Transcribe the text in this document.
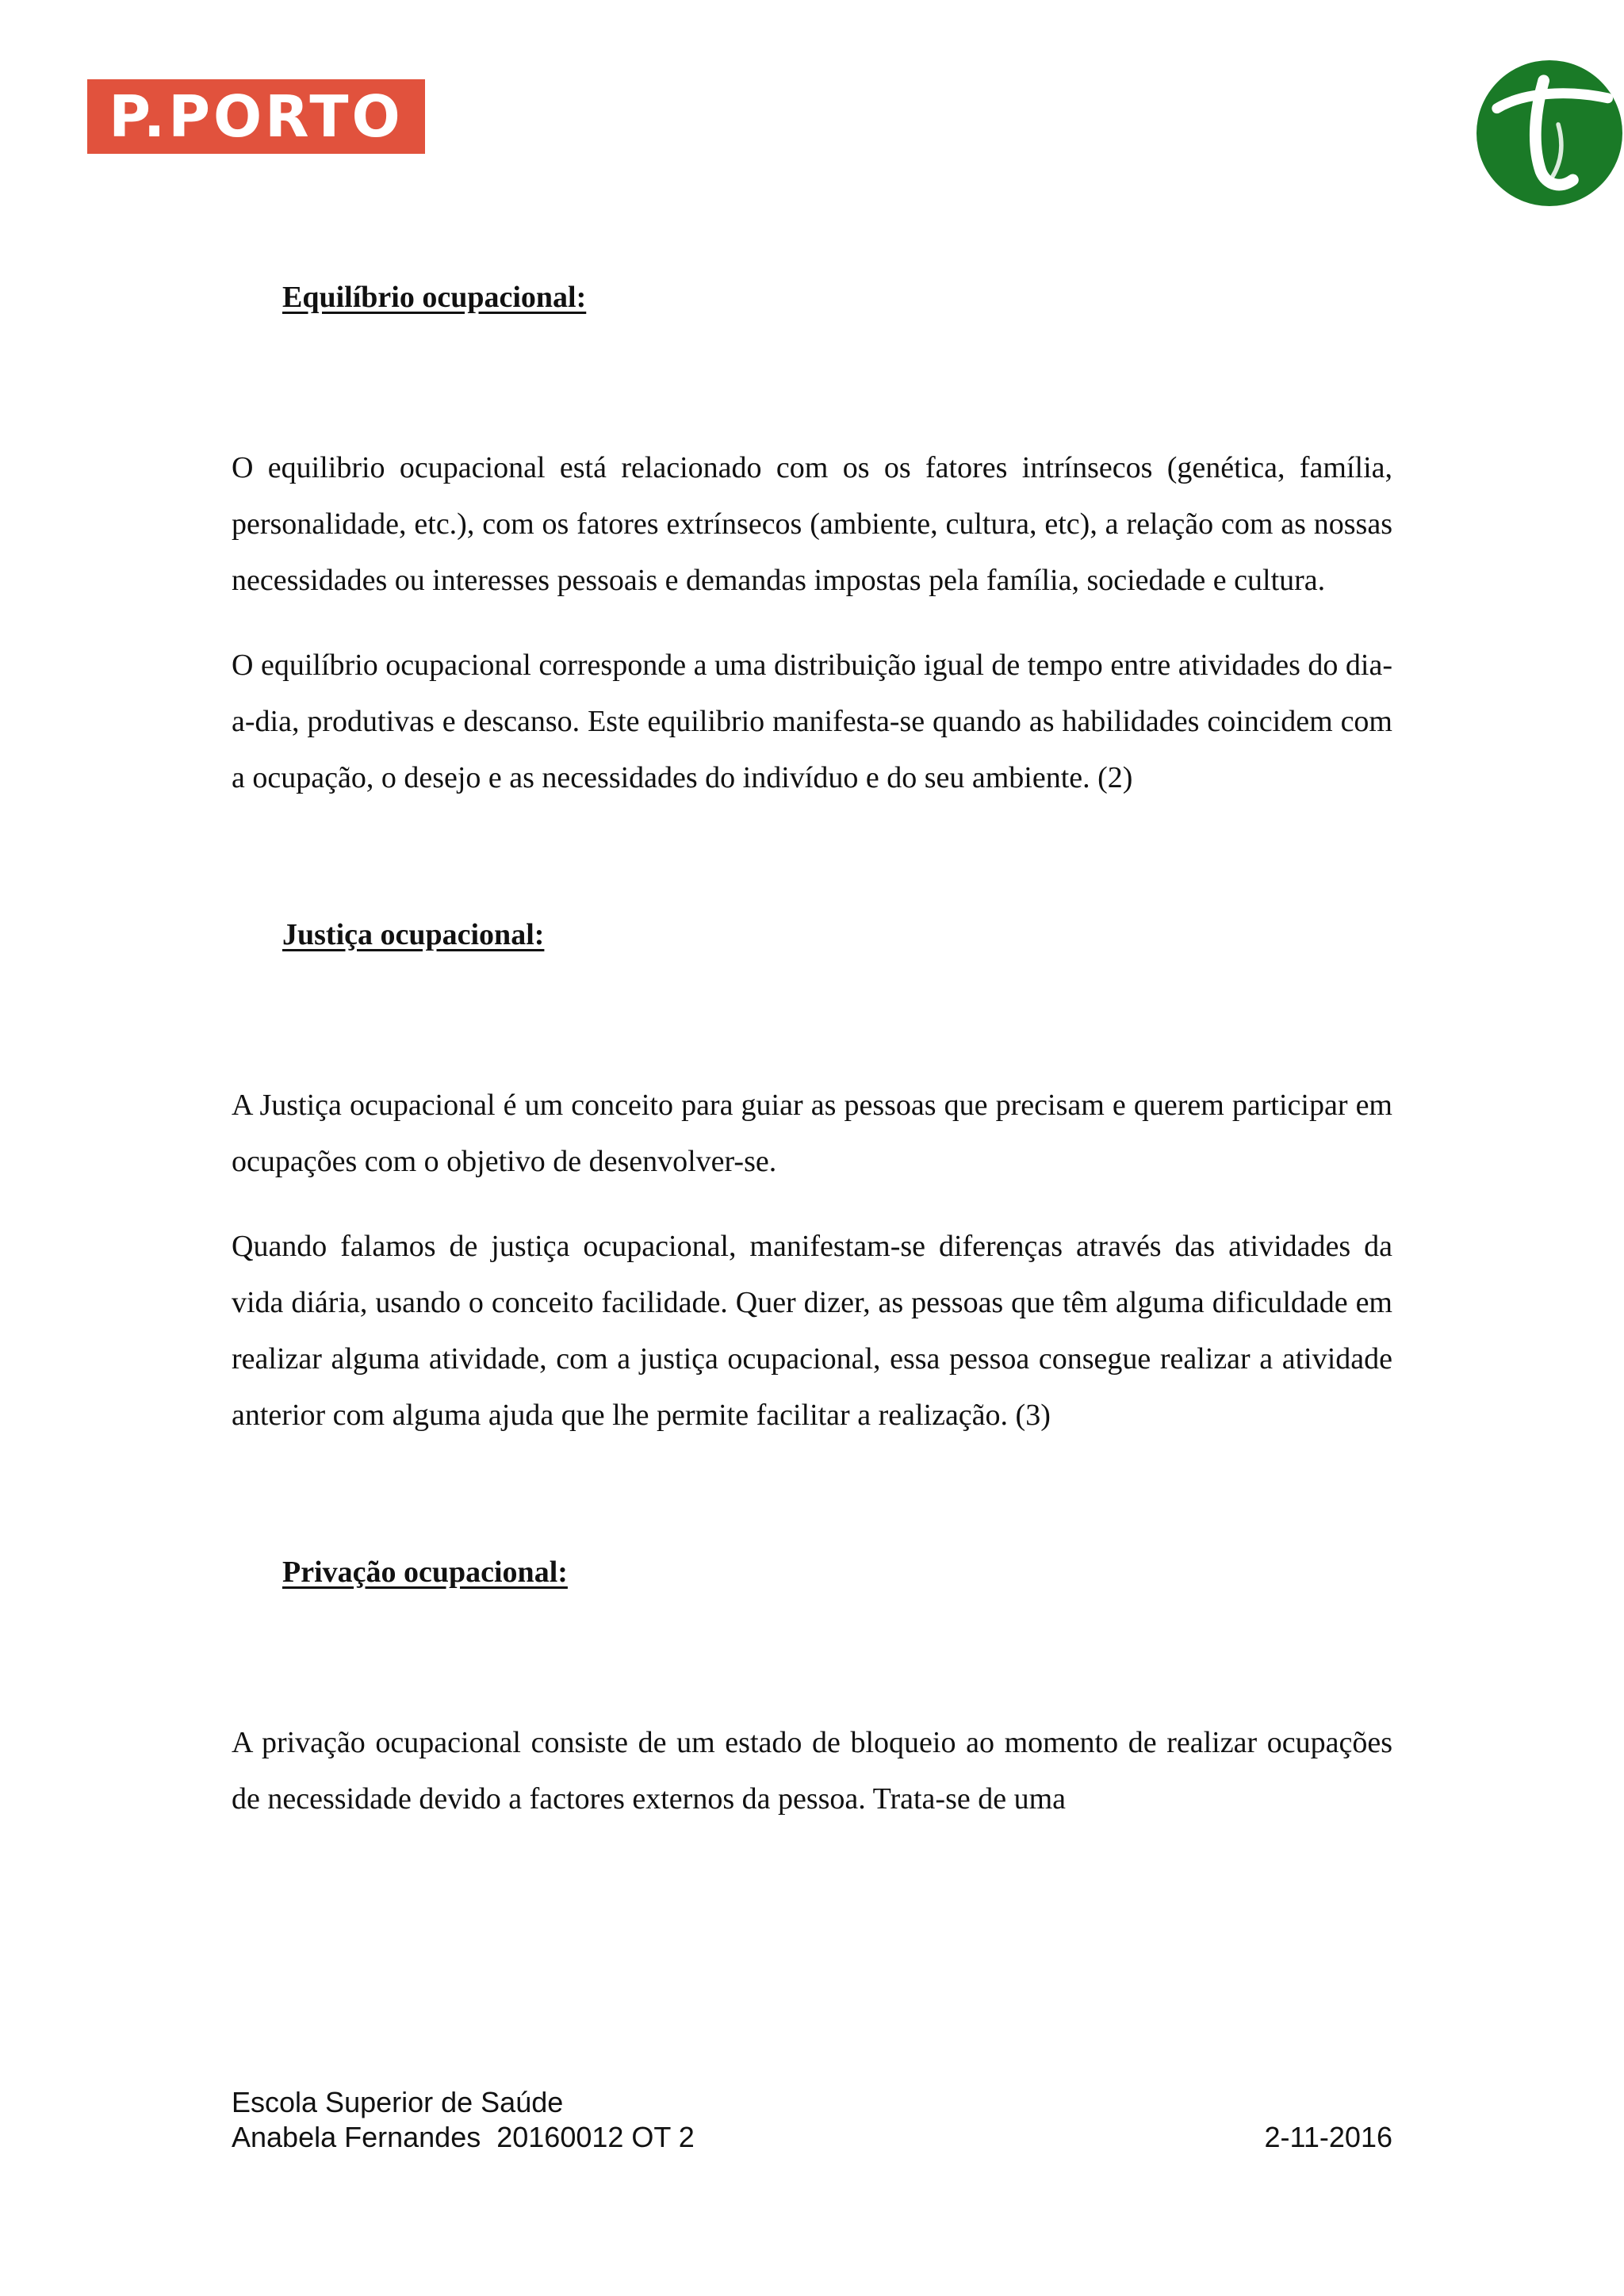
P.PORTO
Equilíbrio ocupacional:

O equilibrio ocupacional está relacionado com os os fatores intrínsecos (genética, família, personalidade, etc.), com os fatores extrínsecos (ambiente, cultura, etc), a relação com as nossas necessidades ou interesses pessoais e demandas impostas pela família, sociedade e cultura.

O equilíbrio ocupacional corresponde a uma distribuição igual de tempo entre atividades do dia-a-dia, produtivas e descanso. Este equilibrio manifesta-se quando as habilidades coincidem com a ocupação, o desejo e as necessidades do indivíduo e do seu ambiente. (2)

Justiça ocupacional:

A Justiça ocupacional é um conceito para guiar as pessoas que precisam e querem participar em ocupações com o objetivo de desenvolver-se.

Quando falamos de justiça ocupacional, manifestam-se diferenças através das atividades da vida diária, usando o conceito facilidade. Quer dizer, as pessoas que têm alguma dificuldade em realizar alguma atividade, com a justiça ocupacional, essa pessoa consegue realizar a atividade anterior com alguma ajuda que lhe permite facilitar a realização. (3)

Privação ocupacional:

A privação ocupacional consiste de um estado de bloqueio ao momento de realizar ocupações de necessidade devido a factores externos da pessoa. Trata-se de uma

Escola Superior de Saúde
Anabela Fernandes  20160012 OT 2	2-11-2016
